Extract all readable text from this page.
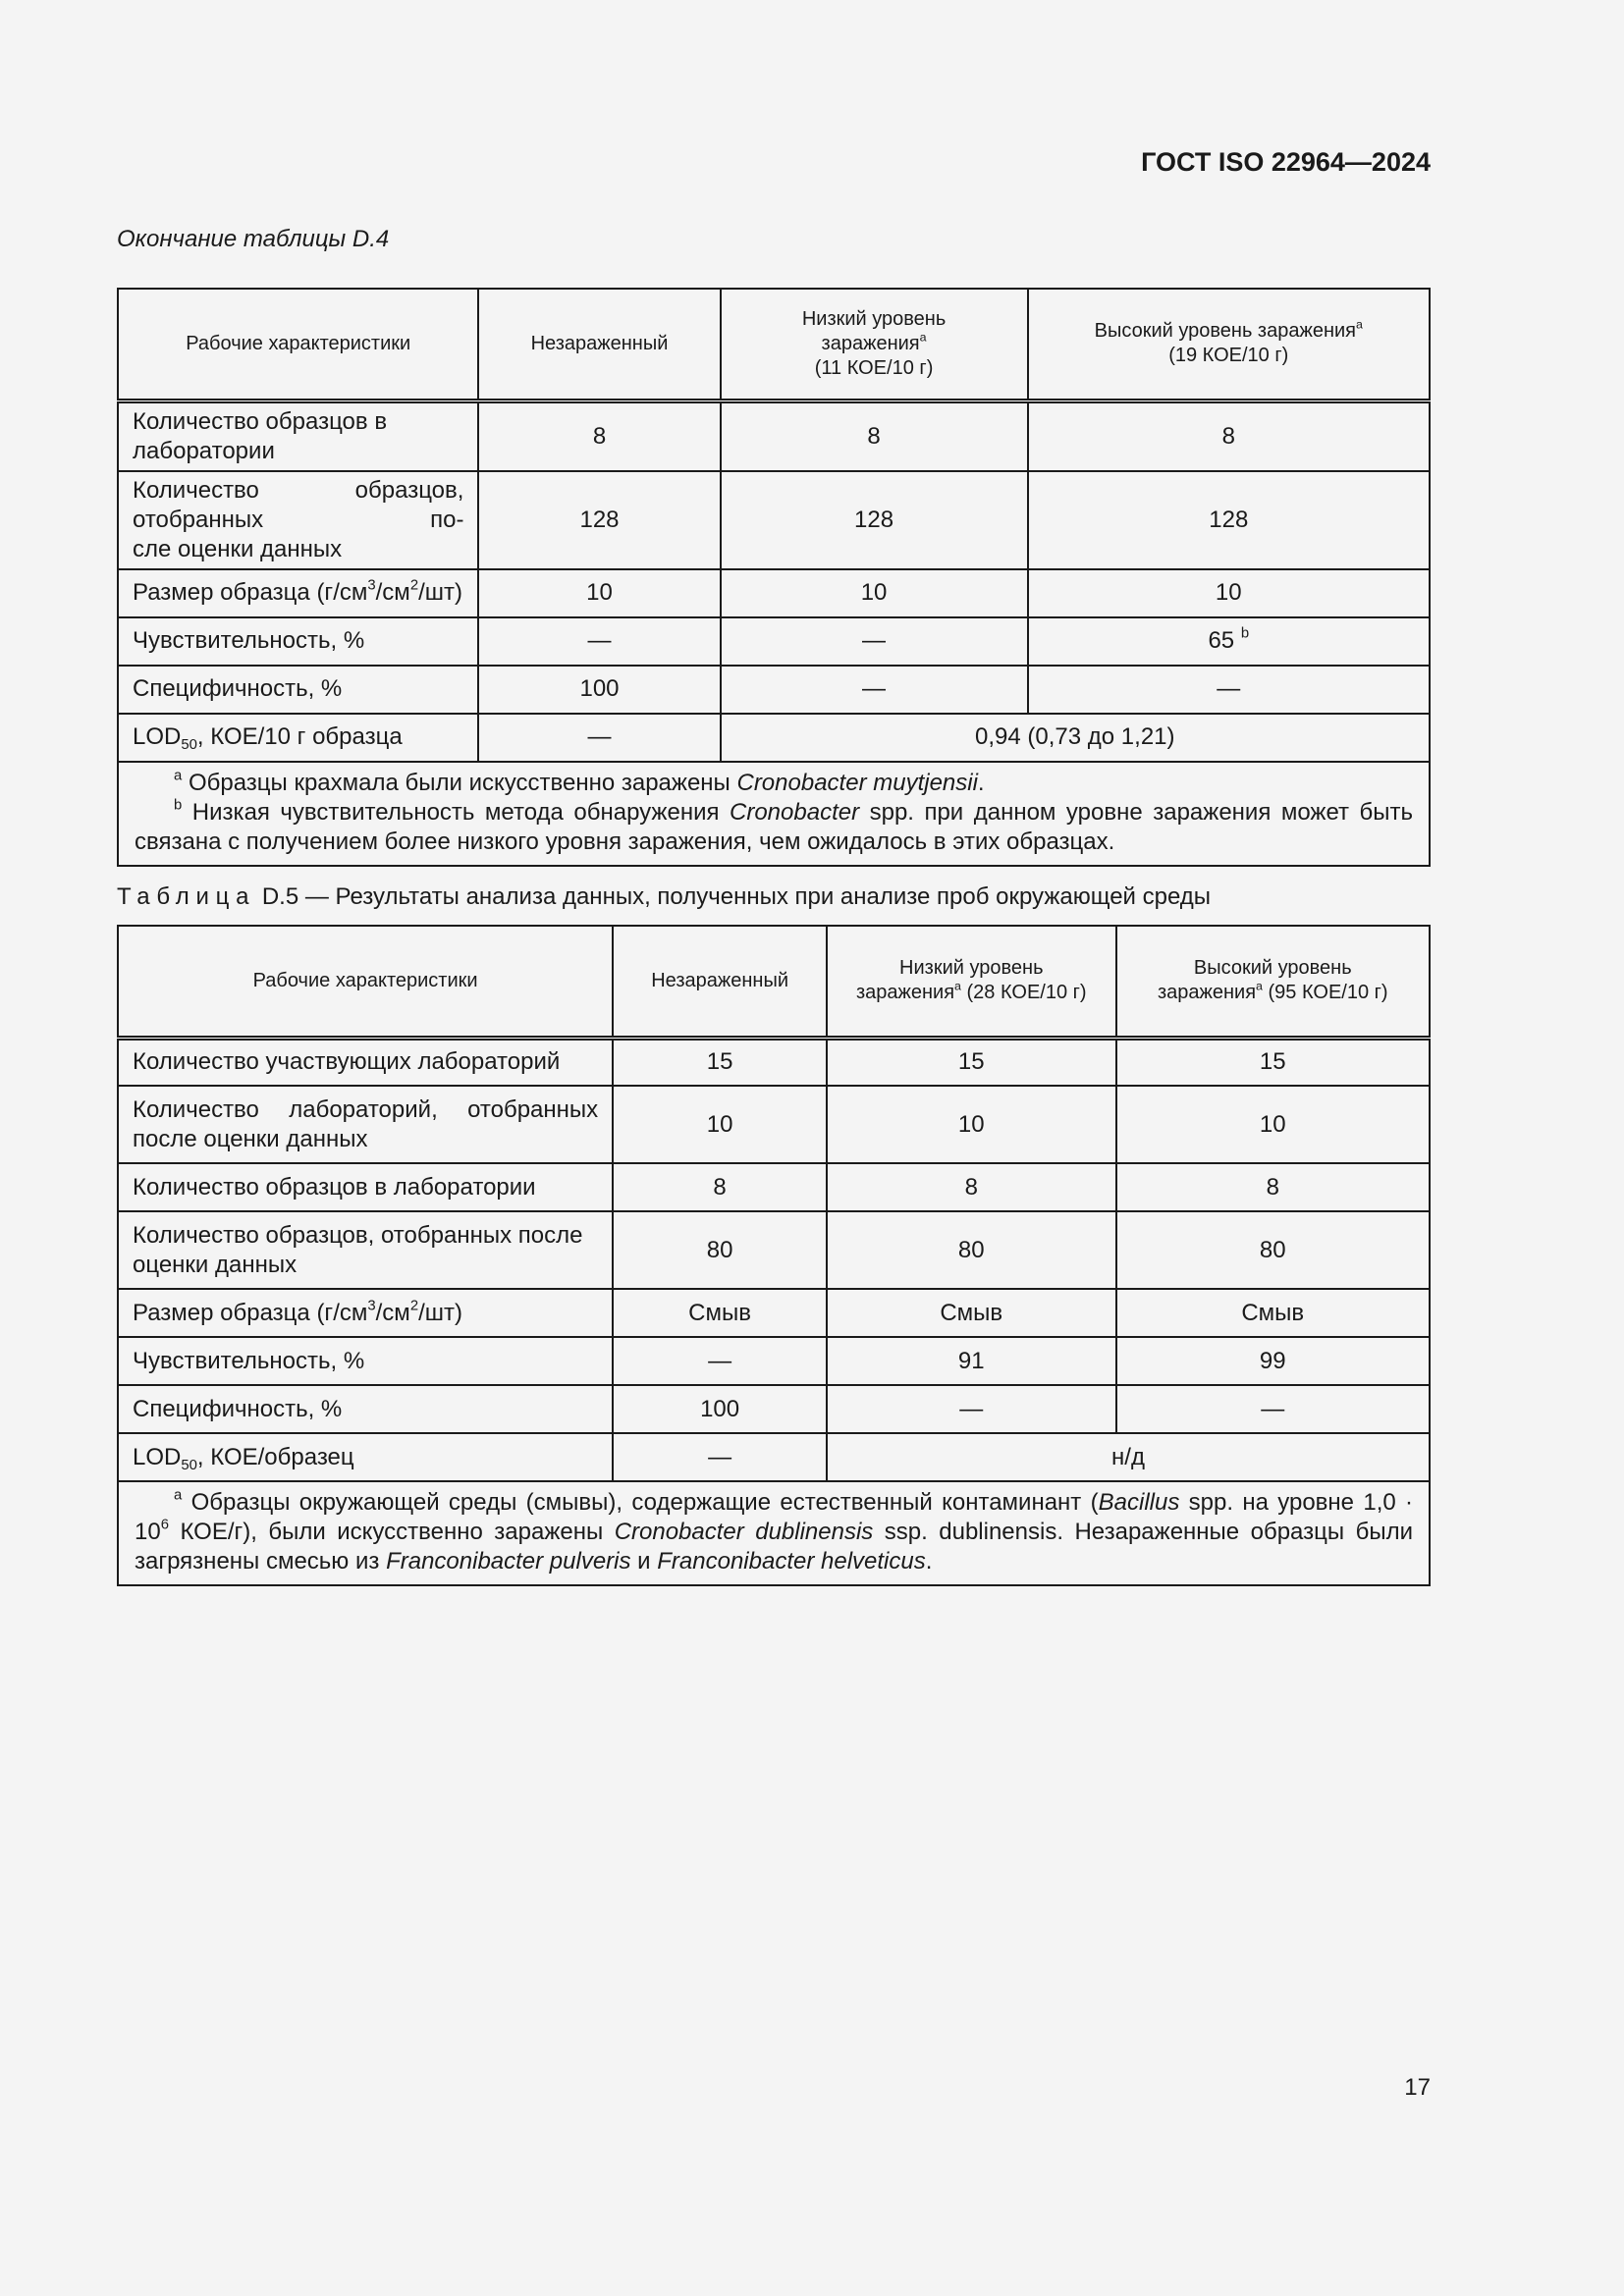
ГОСТ ISO 22964—2024
Окончание таблицы D.4
Рабочие характеристики	Незараженный	Низкий уровень
заражения$^a$
(11 КОЕ/10 г)	Высокий уровень заражения$^a$
(19 КОЕ/10 г)
Количество образцов в лаборатории	8	8	8

Количество образцов, отобранных по-
сле оценки данных	128	128	128
Размер образца $(г/см^3/см^2/шт)$	10	10	10
Чувствительность, %	—	—	65 $^b$
Специфичность, %	100	—	—
$LOD_{50}$, КОЕ/10 г образца	—	0,94 (0,73 до 1,21)	

$^a$ Образцы крахмала были искусственно заражены Cronobacter muytjensii.
$^b$ Низкая чувствительность метода обнаружения Cronobacter spp. при данном уровне заражения может быть связана с получением более низкого уровня заражения, чем ожидалось в этих образцах.			
Таблица D.5 — Результаты анализа данных, полученных при анализе проб окружающей среды
Рабочие характеристики	Незараженный	Низкий уровень
заражения$^a$ (28 КОЕ/10 г)	Высокий уровень
заражения$^a$ (95 КОЕ/10 г)
Количество участвующих лабораторий	15	15	15

Количество лабораторий, отобранных
после оценки данных	10	10	10
Количество образцов в лаборатории	8	8	8

Количество образцов, отобранных после
оценки данных	80	80	80
Размер образца $(г/см^3/см^2/шт)$	Смыв	Смыв	Смыв
Чувствительность, %	—	91	99
Специфичность, %	100	—	—
$LOD_{50}$, КОЕ/образец	—	н/д	

$^a$ Образцы окружающей среды (смывы), содержащие естественный контаминант (Bacillus spp. на уровне $1,0 \cdot 10^6$ КОЕ/г), были искусственно заражены Cronobacter dublinensis ssp. dublinensis. Незараженные образцы были загрязнены смесью из Franconibacter pulveris и Franconibacter helveticus.			
17
